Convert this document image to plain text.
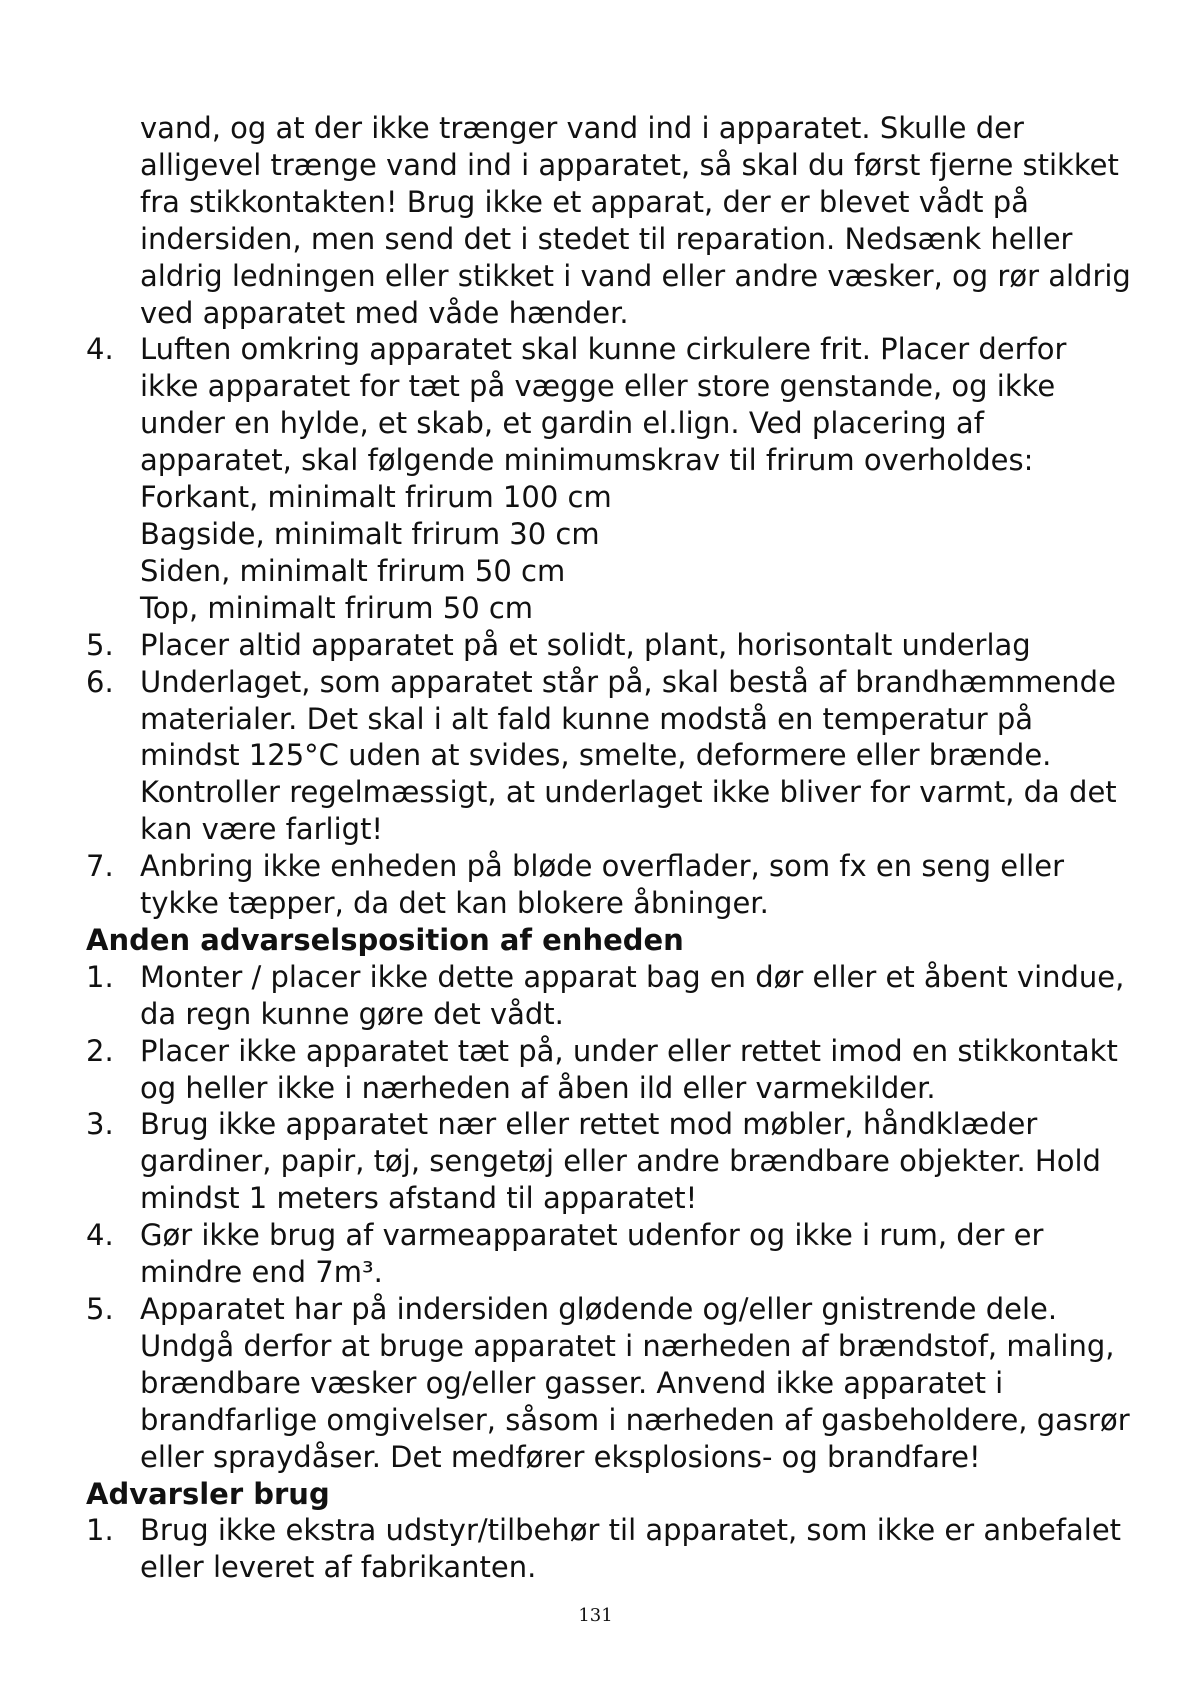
vand, og at der ikke trænger vand ind i apparatet. Skulle der
alligevel trænge vand ind i apparatet, så skal du først fjerne stikket
fra stikkontakten! Brug ikke et apparat, der er blevet vådt på
indersiden, men send det i stedet til reparation. Nedsænk heller
aldrig ledningen eller stikket i vand eller andre væsker, og rør aldrig
ved apparatet med våde hænder.
4. Luften omkring apparatet skal kunne cirkulere frit. Placer derfor
ikke apparatet for tæt på vægge eller store genstande, og ikke
under en hylde, et skab, et gardin el.lign. Ved placering af
apparatet, skal følgende minimumskrav til frirum overholdes:
Forkant, minimalt frirum 100 cm
Bagside, minimalt frirum 30 cm
Siden, minimalt frirum 50 cm
Top, minimalt frirum 50 cm
5. Placer altid apparatet på et solidt, plant, horisontalt underlag
6. Underlaget, som apparatet står på, skal bestå af brandhæmmende
materialer. Det skal i alt fald kunne modstå en temperatur på
mindst 125°C uden at svides, smelte, deformere eller brænde.
Kontroller regelmæssigt, at underlaget ikke bliver for varmt, da det
kan være farligt!
7. Anbring ikke enheden på bløde overflader, som fx en seng eller
tykke tæpper, da det kan blokere åbninger.
Anden advarselsposition af enheden
1. Monter / placer ikke dette apparat bag en dør eller et åbent vindue,
da regn kunne gøre det vådt.
2. Placer ikke apparatet tæt på, under eller rettet imod en stikkontakt
og heller ikke i nærheden af åben ild eller varmekilder.
3. Brug ikke apparatet nær eller rettet mod møbler, håndklæder
gardiner, papir, tøj, sengetøj eller andre brændbare objekter. Hold
mindst 1 meters afstand til apparatet!
4. Gør ikke brug af varmeapparatet udenfor og ikke i rum, der er
mindre end 7m³.
5. Apparatet har på indersiden glødende og/eller gnistrende dele.
Undgå derfor at bruge apparatet i nærheden af brændstof, maling,
brændbare væsker og/eller gasser. Anvend ikke apparatet i
brandfarlige omgivelser, såsom i nærheden af gasbeholdere, gasrør
eller spraydåser. Det medfører eksplosions- og brandfare!
Advarsler brug
1. Brug ikke ekstra udstyr/tilbehør til apparatet, som ikke er anbefalet
eller leveret af fabrikanten.
131
